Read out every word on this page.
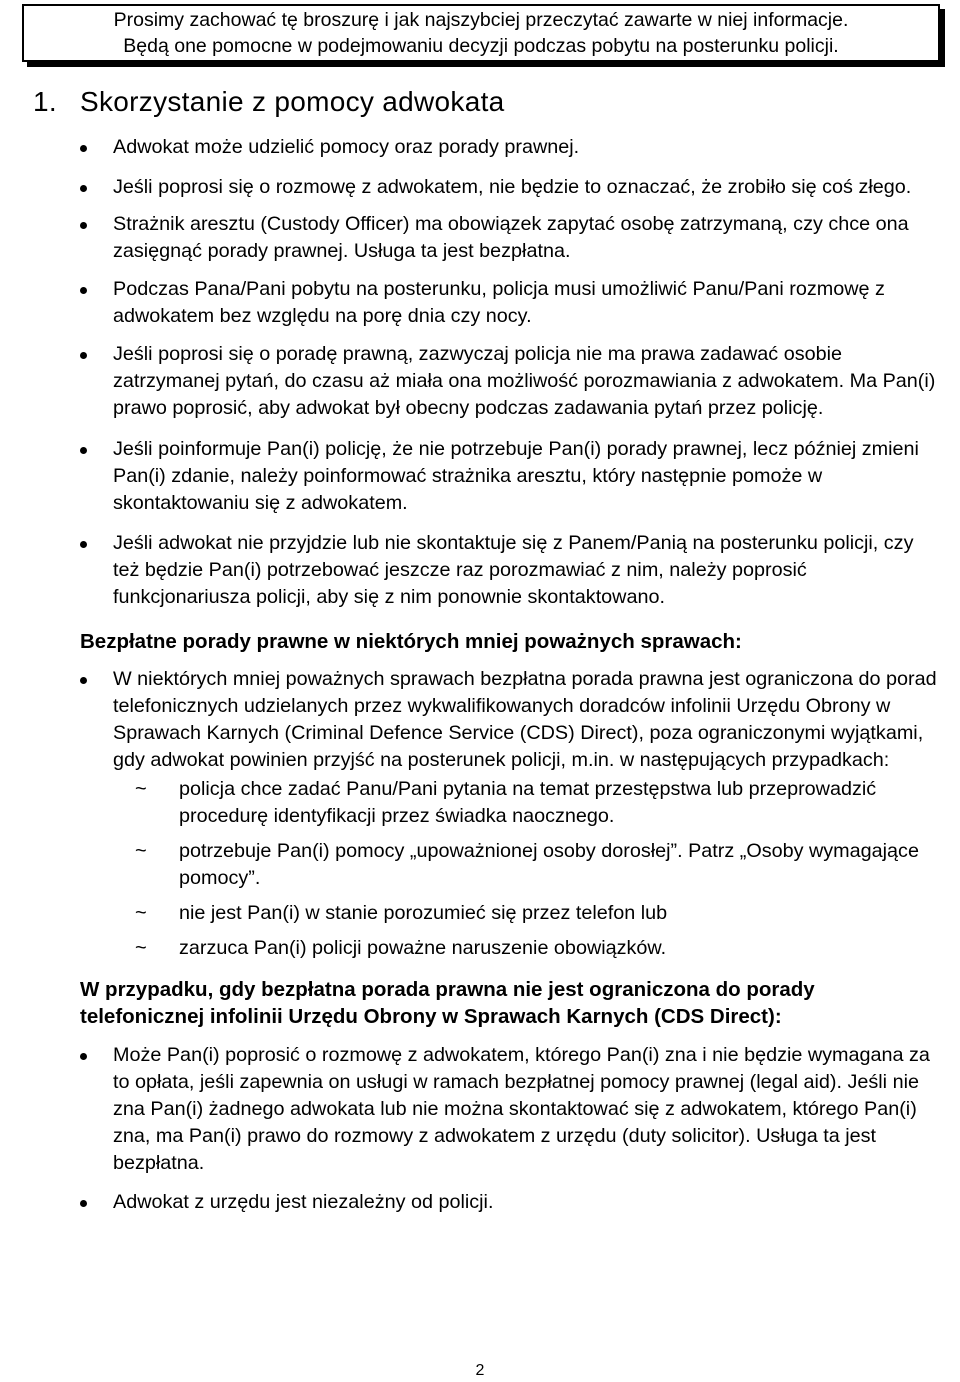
Prosimy zachować tę broszurę i jak najszybciej przeczytać zawarte w niej informacje.
Będą one pomocne w podejmowaniu decyzji podczas pobytu na posterunku policji.
1. Skorzystanie z pomocy adwokata
Adwokat może udzielić pomocy oraz porady prawnej.
Jeśli poprosi się o rozmowę z adwokatem, nie będzie to oznaczać, że zrobiło się coś złego.
Strażnik aresztu (Custody Officer) ma obowiązek zapytać osobę zatrzymaną, czy chce ona zasięgnąć porady prawnej. Usługa ta jest bezpłatna.
Podczas Pana/Pani pobytu na posterunku, policja musi umożliwić Panu/Pani rozmowę z adwokatem bez względu na porę dnia czy nocy.
Jeśli poprosi się o poradę prawną, zazwyczaj policja nie ma prawa zadawać osobie zatrzymanej pytań, do czasu aż miała ona możliwość porozmawiania z adwokatem. Ma Pan(i) prawo poprosić, aby adwokat był obecny podczas zadawania pytań przez policję.
Jeśli poinformuje Pan(i) policję, że nie potrzebuje Pan(i) porady prawnej, lecz później zmieni Pan(i) zdanie, należy poinformować strażnika aresztu, który następnie pomoże w skontaktowaniu się z adwokatem.
Jeśli adwokat nie przyjdzie lub nie skontaktuje się z Panem/Panią na posterunku policji, czy też będzie Pan(i) potrzebować jeszcze raz porozmawiać z nim, należy poprosić funkcjonariusza policji, aby się z nim ponownie skontaktowano.
Bezpłatne porady prawne w niektórych mniej poważnych sprawach:
W niektórych mniej poważnych sprawach bezpłatna porada prawna jest ograniczona do porad telefonicznych udzielanych przez wykwalifikowanych doradców infolinii Urzędu Obrony w Sprawach Karnych (Criminal Defence Service (CDS) Direct), poza ograniczonymi wyjątkami, gdy adwokat powinien przyjść na posterunek policji, m.in. w następujących przypadkach:
~ policja chce zadać Panu/Pani pytania na temat przestępstwa lub przeprowadzić procedurę identyfikacji przez świadka naocznego.
~ potrzebuje Pan(i) pomocy „upoważnionej osoby dorosłej”. Patrz „Osoby wymagające pomocy”.
~ nie jest Pan(i) w stanie porozumieć się przez telefon lub
~ zarzuca Pan(i) policji poważne naruszenie obowiązków.
W przypadku, gdy bezpłatna porada prawna nie jest ograniczona do porady telefonicznej infolinii Urzędu Obrony w Sprawach Karnych (CDS Direct):
Może Pan(i) poprosić o rozmowę z adwokatem, którego Pan(i) zna i nie będzie wymagana za to opłata, jeśli zapewnia on usługi w ramach bezpłatnej pomocy prawnej (legal aid). Jeśli nie zna Pan(i) żadnego adwokata lub nie można skontaktować się z adwokatem, którego Pan(i) zna, ma Pan(i) prawo do rozmowy z adwokatem z urzędu (duty solicitor). Usługa ta jest bezpłatna.
Adwokat z urzędu jest niezależny od policji.
2
